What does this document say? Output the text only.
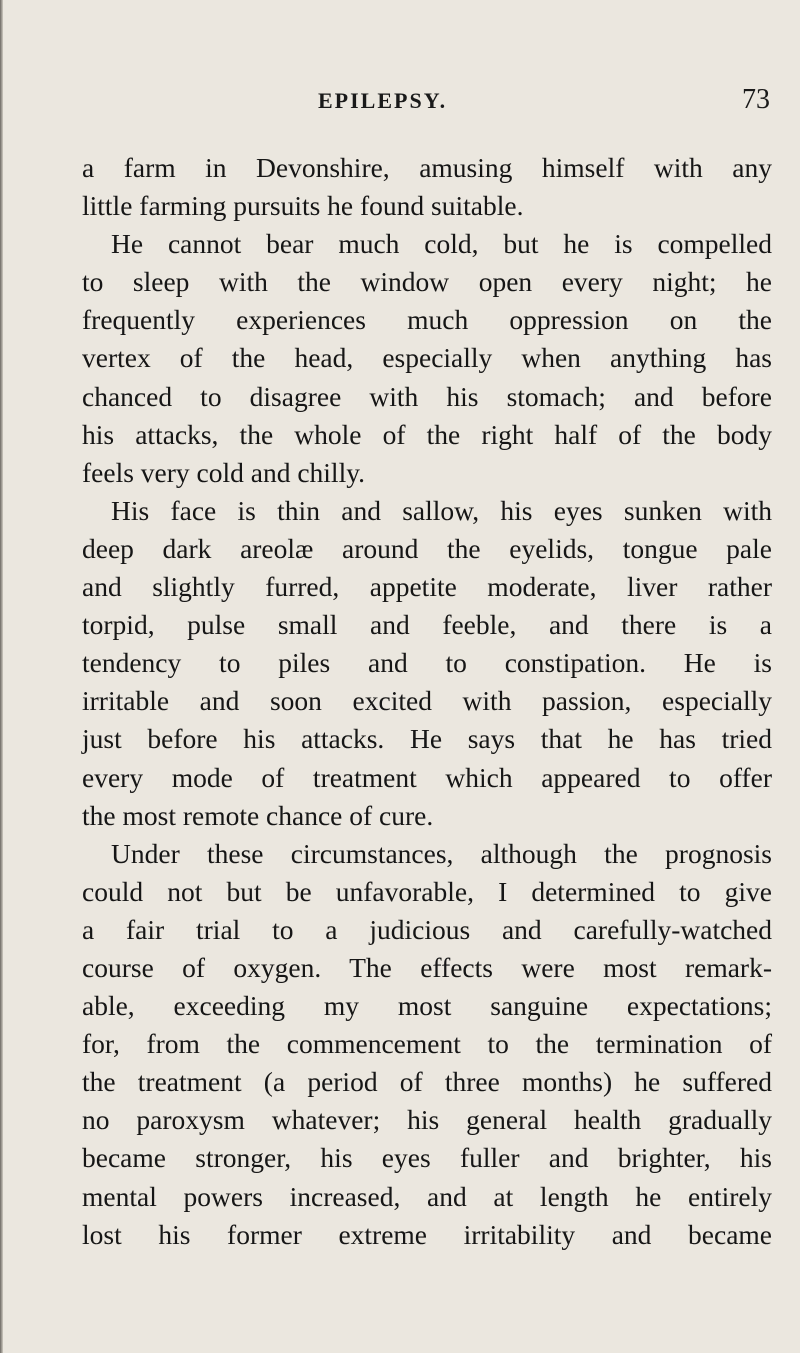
EPILEPSY.	73
a farm in Devonshire, amusing himself with any
little farming pursuits he found suitable.
He cannot bear much cold, but he is compelled
to sleep with the window open every night; he
frequently experiences much oppression on the
vertex of the head, especially when anything has
chanced to disagree with his stomach; and before
his attacks, the whole of the right half of the body
feels very cold and chilly.
His face is thin and sallow, his eyes sunken with
deep dark areolæ around the eyelids, tongue pale
and slightly furred, appetite moderate, liver rather
torpid, pulse small and feeble, and there is a
tendency to piles and to constipation. He is
irritable and soon excited with passion, especially
just before his attacks. He says that he has tried
every mode of treatment which appeared to offer
the most remote chance of cure.
Under these circumstances, although the prognosis
could not but be unfavorable, I determined to give
a fair trial to a judicious and carefully-watched
course of oxygen. The effects were most remark-
able, exceeding my most sanguine expectations;
for, from the commencement to the termination of
the treatment (a period of three months) he suffered
no paroxysm whatever; his general health gradually
became stronger, his eyes fuller and brighter, his
mental powers increased, and at length he entirely
lost his former extreme irritability and became
